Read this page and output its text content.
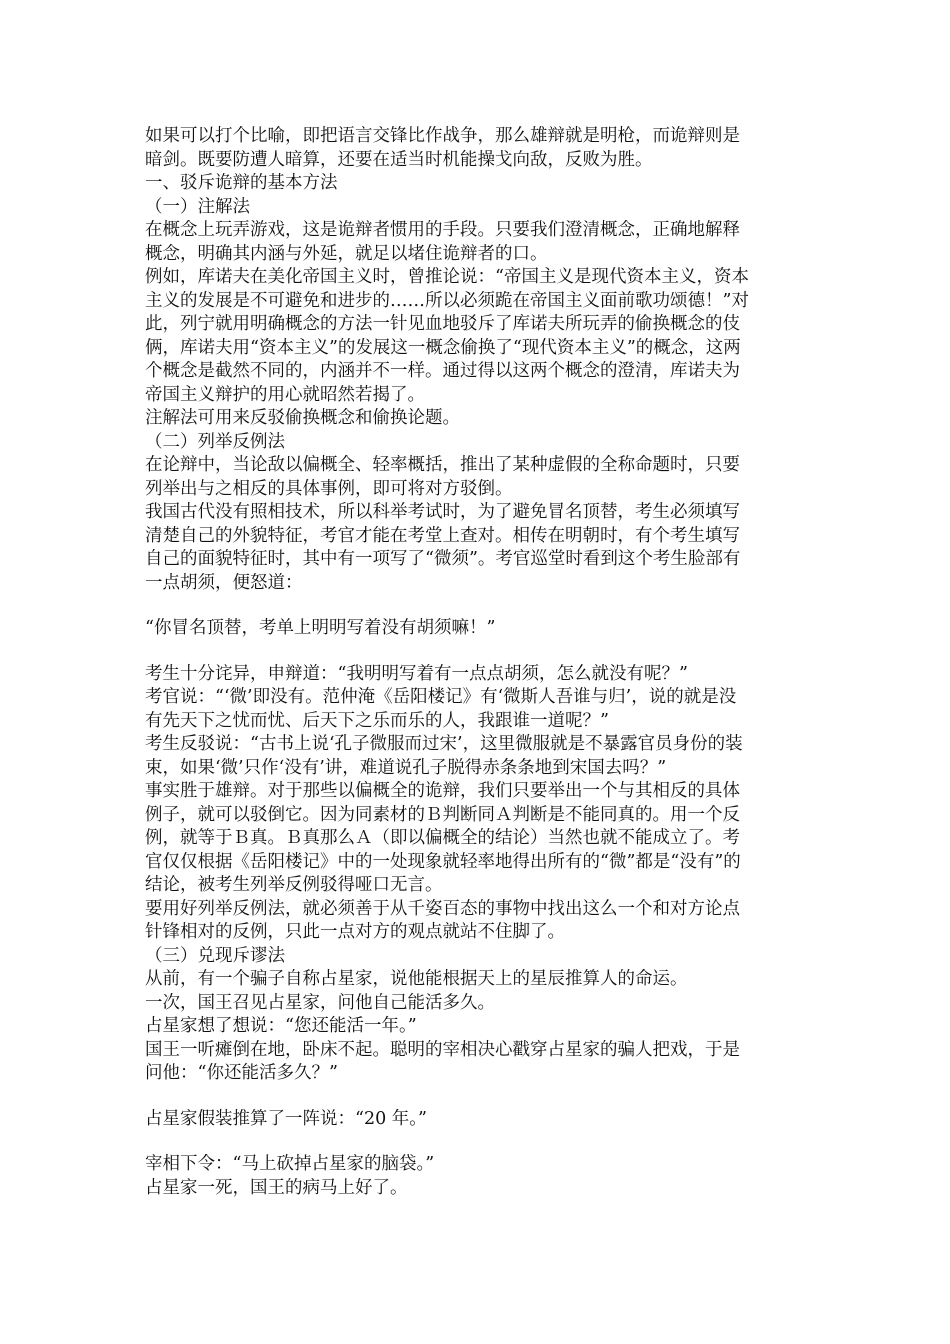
如果可以打个比喻，即把语言交锋比作战争，那么雄辩就是明枪，而诡辩则是
暗剑。既要防遭人暗算，还要在适当时机能操戈向敌，反败为胜。
一、驳斥诡辩的基本方法
（一）注解法
在概念上玩弄游戏，这是诡辩者惯用的手段。只要我们澄清概念，正确地解释
概念，明确其内涵与外延，就足以堵住诡辩者的口。
例如，库诺夫在美化帝国主义时，曾推论说：“帝国主义是现代资本主义，资本
主义的发展是不可避免和进步的……所以必须跪在帝国主义面前歌功颂德！”对
此，列宁就用明确概念的方法一针见血地驳斥了库诺夫所玩弄的偷换概念的伎
俩，库诺夫用“资本主义”的发展这一概念偷换了“现代资本主义”的概念，这两
个概念是截然不同的，内涵并不一样。通过得以这两个概念的澄清，库诺夫为
帝国主义辩护的用心就昭然若揭了。
注解法可用来反驳偷换概念和偷换论题。
（二）列举反例法
在论辩中，当论敌以偏概全、轻率概括，推出了某种虚假的全称命题时，只要
列举出与之相反的具体事例，即可将对方驳倒。
我国古代没有照相技术，所以科举考试时，为了避免冒名顶替，考生必须填写
清楚自己的外貌特征，考官才能在考堂上查对。相传在明朝时，有个考生填写
自己的面貌特征时，其中有一项写了“微须”。考官巡堂时看到这个考生脸部有
一点胡须，便怒道：
“你冒名顶替，考单上明明写着没有胡须嘛！”
考生十分诧异，申辩道：“我明明写着有一点点胡须，怎么就没有呢？”
考官说：“‘微’即没有。范仲淹《岳阳楼记》有‘微斯人吾谁与归’，说的就是没
有先天下之忧而忧、后天下之乐而乐的人，我跟谁一道呢？”
考生反驳说：“古书上说‘孔子微服而过宋’，这里微服就是不暴露官员身份的装
束，如果‘微’只作‘没有’讲，难道说孔子脱得赤条条地到宋国去吗？”
事实胜于雄辩。对于那些以偏概全的诡辩，我们只要举出一个与其相反的具体
例子，就可以驳倒它。因为同素材的Ｂ判断同Ａ判断是不能同真的。用一个反
例，就等于Ｂ真。Ｂ真那么Ａ（即以偏概全的结论）当然也就不能成立了。考
官仅仅根据《岳阳楼记》中的一处现象就轻率地得出所有的“微”都是“没有”的
结论，被考生列举反例驳得哑口无言。
要用好列举反例法，就必须善于从千姿百态的事物中找出这么一个和对方论点
针锋相对的反例，只此一点对方的观点就站不住脚了。
（三）兑现斥谬法
从前，有一个骗子自称占星家，说他能根据天上的星辰推算人的命运。
一次，国王召见占星家，问他自己能活多久。
占星家想了想说：“您还能活一年。”
国王一听瘫倒在地，卧床不起。聪明的宰相决心戳穿占星家的骗人把戏，于是
问他：“你还能活多久？”
占星家假装推算了一阵说：“20 年。”
宰相下令：“马上砍掉占星家的脑袋。”
占星家一死，国王的病马上好了。
